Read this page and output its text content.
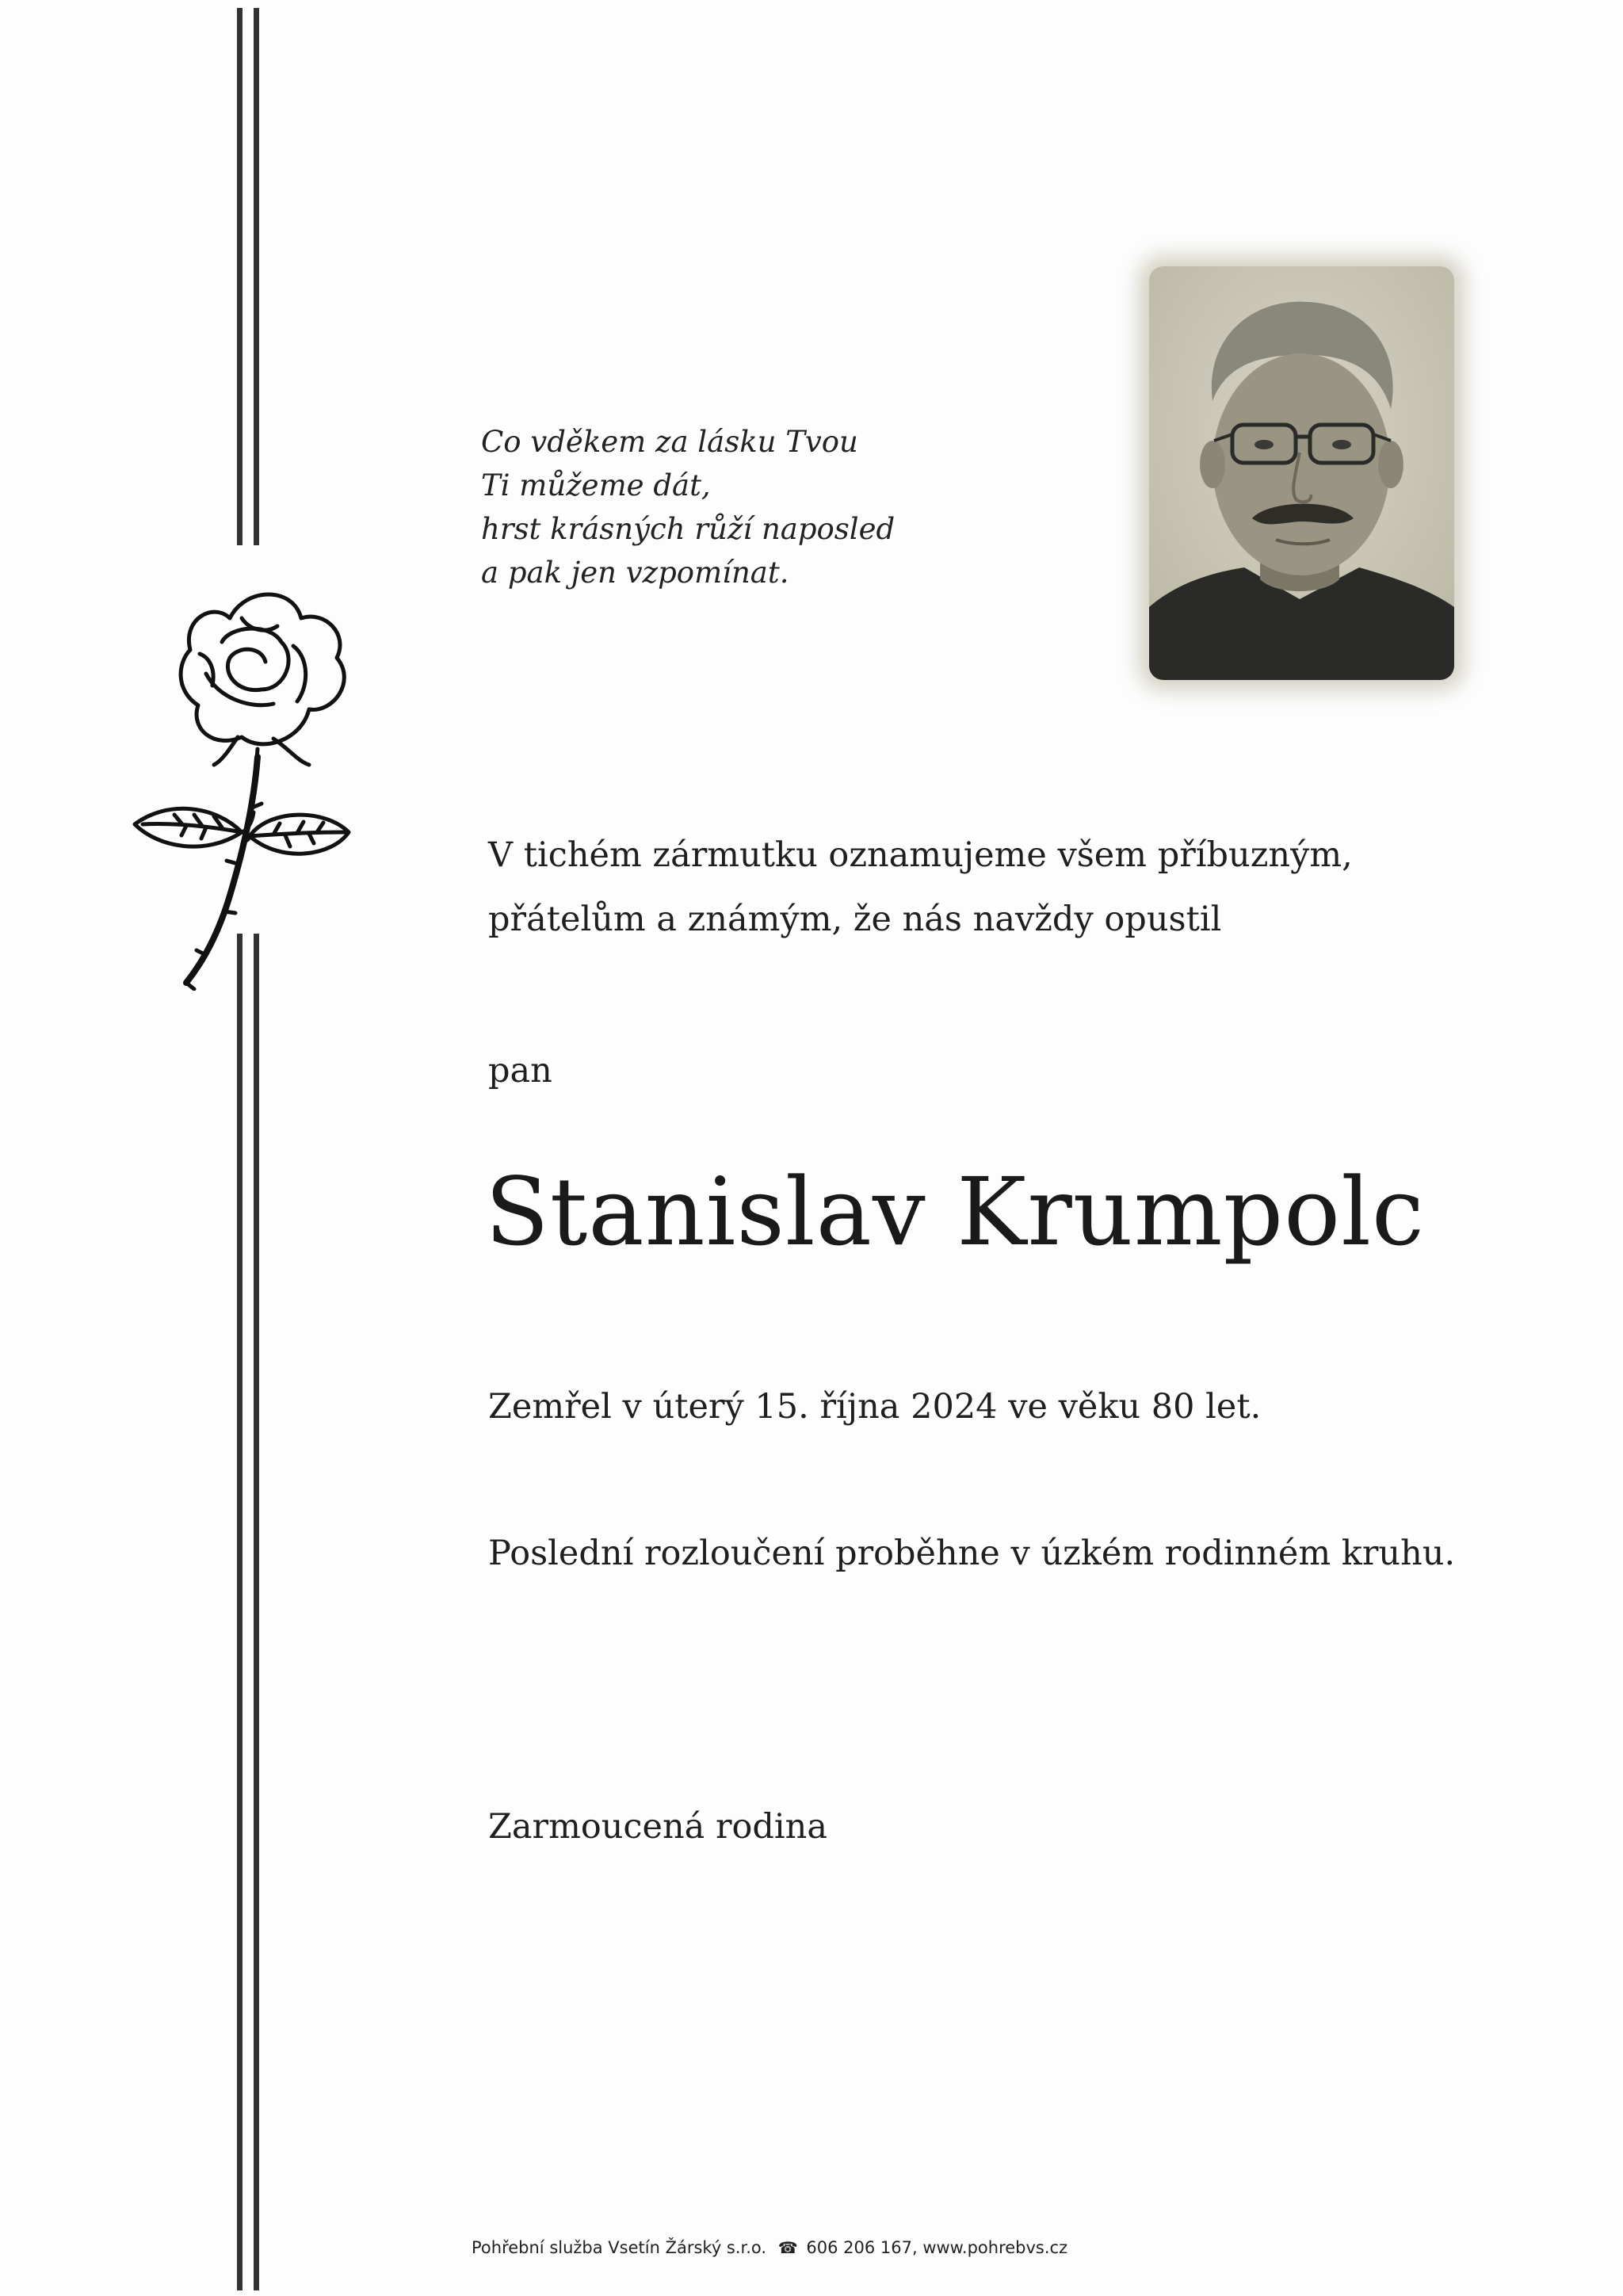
Co vděkem za lásku Tvou
Ti můžeme dát,
hrst krásných růží naposled
a pak jen vzpomínat.
V tichém zármutku oznamujeme všem příbuzným,
přátelům a známým, že nás navždy opustil
pan
Stanislav Krumpolc
Zemřel v úterý 15. října 2024 ve věku 80 let.
Poslední rozloučení proběhne v úzkém rodinném kruhu.
Zarmoucená rodina
Pohřební služba Vsetín Žárský s.r.o. ☎ 606 206 167, www.pohrebvs.cz
